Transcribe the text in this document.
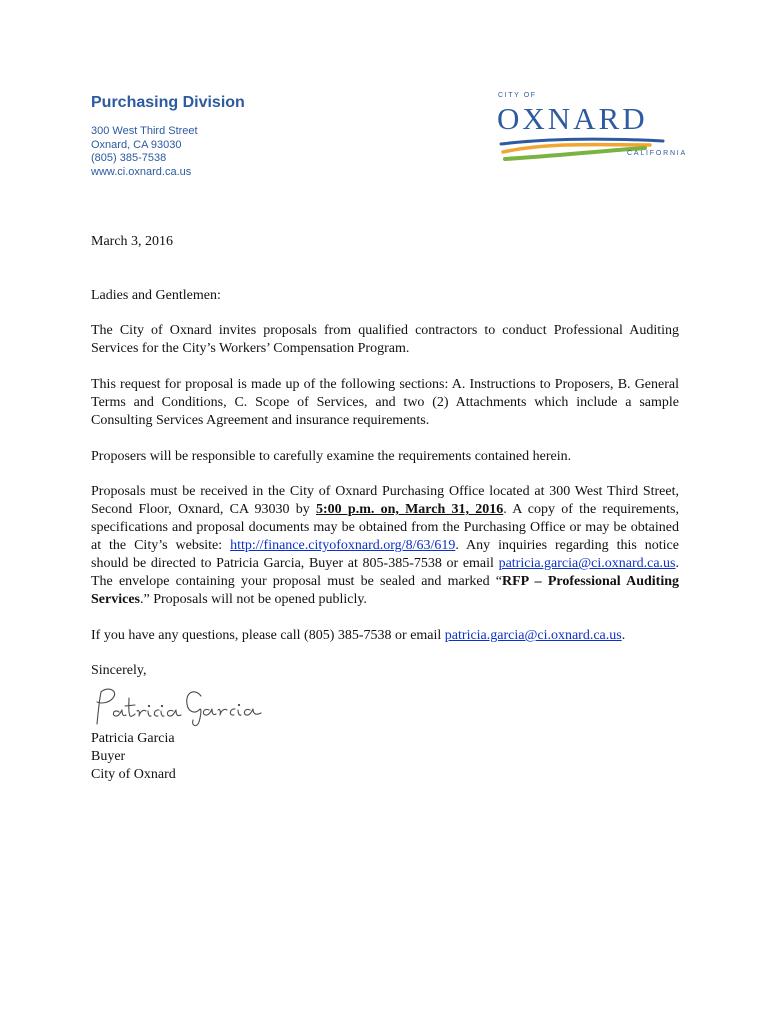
Purchasing Division

300 West Third Street

Oxnard, CA 93030

(805) 385-7538

www.ci.oxnard.ca.us

CITY OF
OXNARD
CALIFORNIA

March 3, 2016

Ladies and Gentlemen:

The City of Oxnard invites proposals from qualified contractors to conduct Professional Auditing Services for the City’s Workers’ Compensation Program.

This request for proposal is made up of the following sections: A. Instructions to Proposers, B. General Terms and Conditions, C. Scope of Services, and two (2) Attachments which include a sample Consulting Services Agreement and insurance requirements.

Proposers will be responsible to carefully examine the requirements contained herein.

Proposals must be received in the City of Oxnard Purchasing Office located at 300 West Third Street, Second Floor, Oxnard, CA 93030 by 5:00 p.m. on, March 31, 2016. A copy of the requirements, specifications and proposal documents may be obtained from the Purchasing Office or may be obtained at the City’s website: http://finance.cityofoxnard.org/8/63/619. Any inquiries regarding this notice should be directed to Patricia Garcia, Buyer at 805-385-7538 or email patricia.garcia@ci.oxnard.ca.us. The envelope containing your proposal must be sealed and marked “RFP – Professional Auditing Services.” Proposals will not be opened publicly.

If you have any questions, please call (805) 385-7538 or email patricia.garcia@ci.oxnard.ca.us.

Sincerely,

Patricia Garcia

Buyer

City of Oxnard
